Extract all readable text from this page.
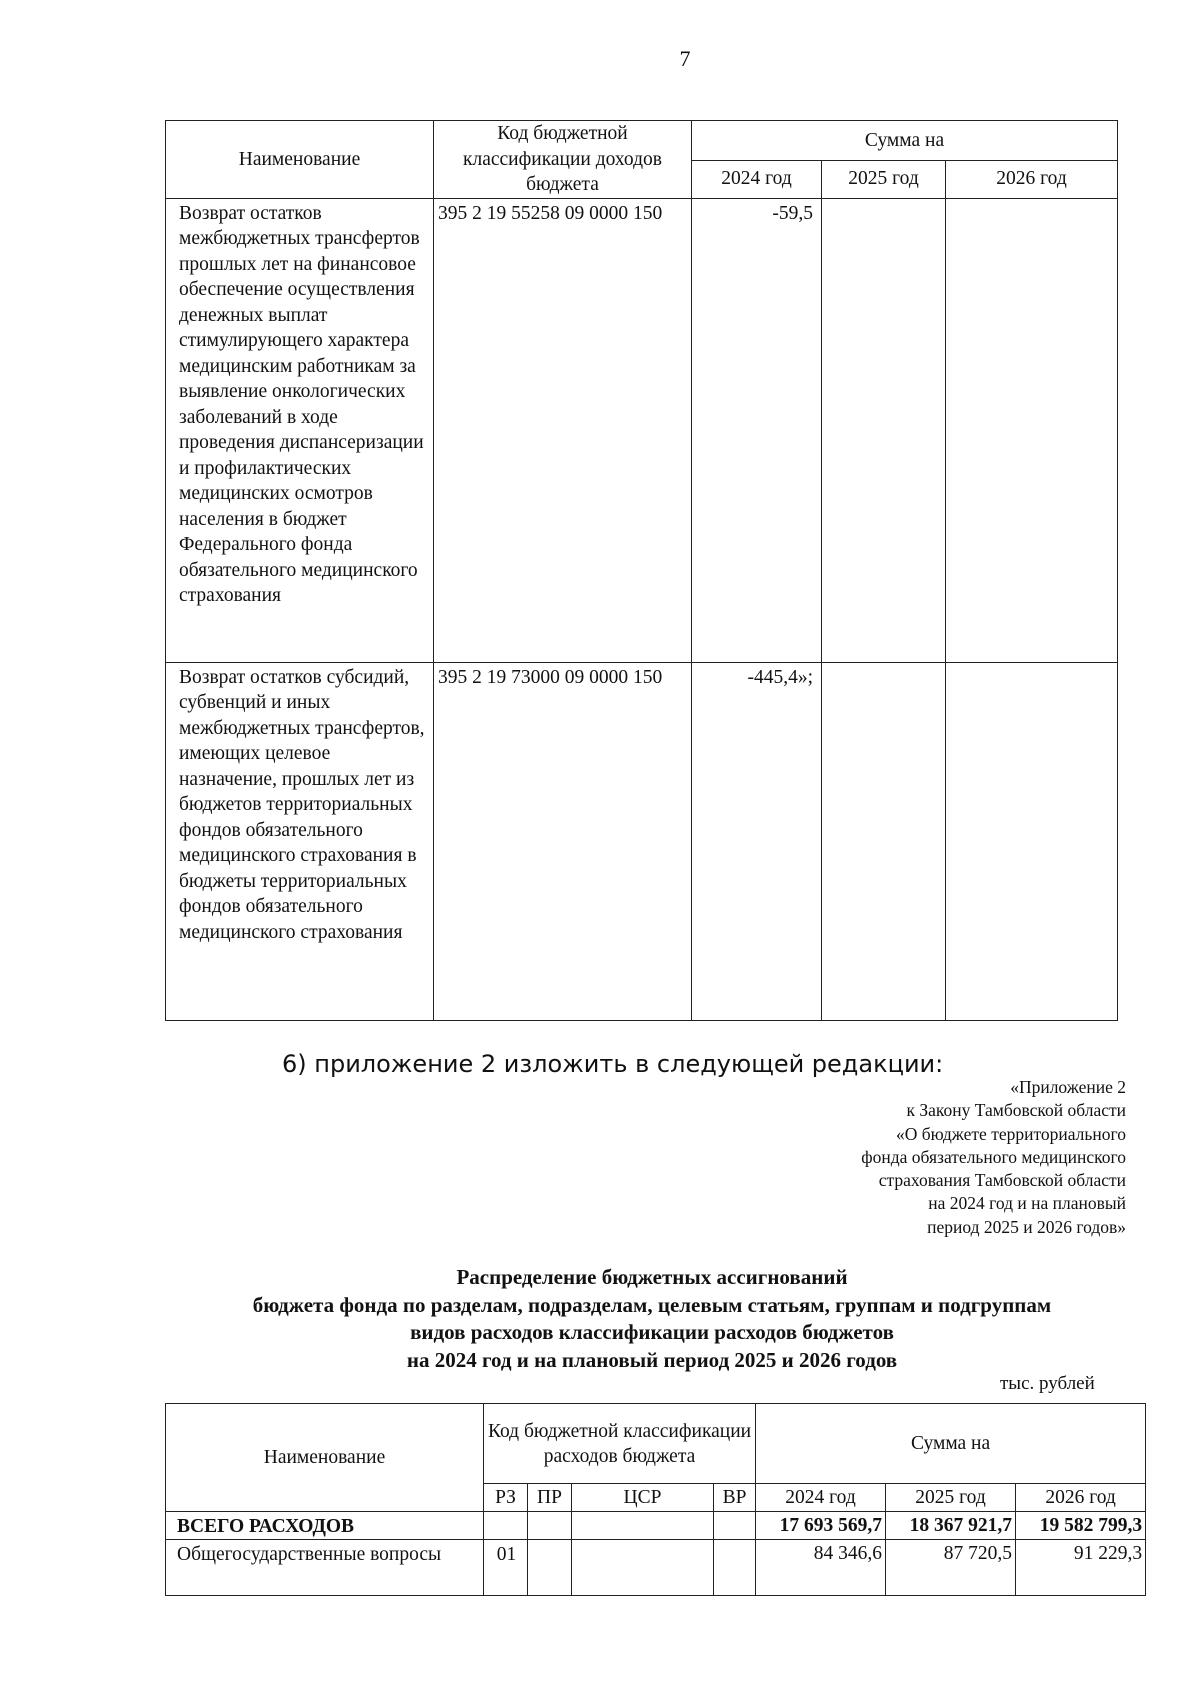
7
Наименование	Код бюджетной классификации доходов бюджета	Сумма на		
		2024 год	2025 год	2026 год
Возврат остатков межбюджетных трансфертов прошлых лет на финансовое обеспечение осуществления денежных выплат стимулирующего характера медицинским работникам за выявление онкологических заболеваний в ходе проведения диспансеризации и профилактических медицинских осмотров населения в бюджет Федерального фонда обязательного медицинского страхования	395 2 19 55258 09 0000 150	-59,5		
Возврат остатков субсидий, субвенций и иных межбюджетных трансфертов, имеющих целевое назначение, прошлых лет из бюджетов территориальных фондов обязательного медицинского страхования в бюджеты территориальных фондов обязательного медицинского страхования	395 2 19 73000 09 0000 150	-445,4»;		
6) приложение 2 изложить в следующей редакции:
«Приложение 2
к Закону Тамбовской области
«О бюджете территориального
фонда обязательного медицинского
страхования Тамбовской области
на 2024 год и на плановый
период 2025 и 2026 годов»
Распределение бюджетных ассигнований
бюджета фонда по разделам, подразделам, целевым статьям, группам и подгруппам
видов расходов классификации расходов бюджетов
на 2024 год и на плановый период 2025 и 2026 годов
тыс. рублей
Наименование	Код бюджетной классификации расходов бюджета				Сумма на		
	РЗ	ПР	ЦСР	ВР	2024 год	2025 год	2026 год
ВСЕГО РАСХОДОВ					17 693 569,7	18 367 921,7	19 582 799,3
Общегосударственные вопросы	01				84 346,6	87 720,5	91 229,3
